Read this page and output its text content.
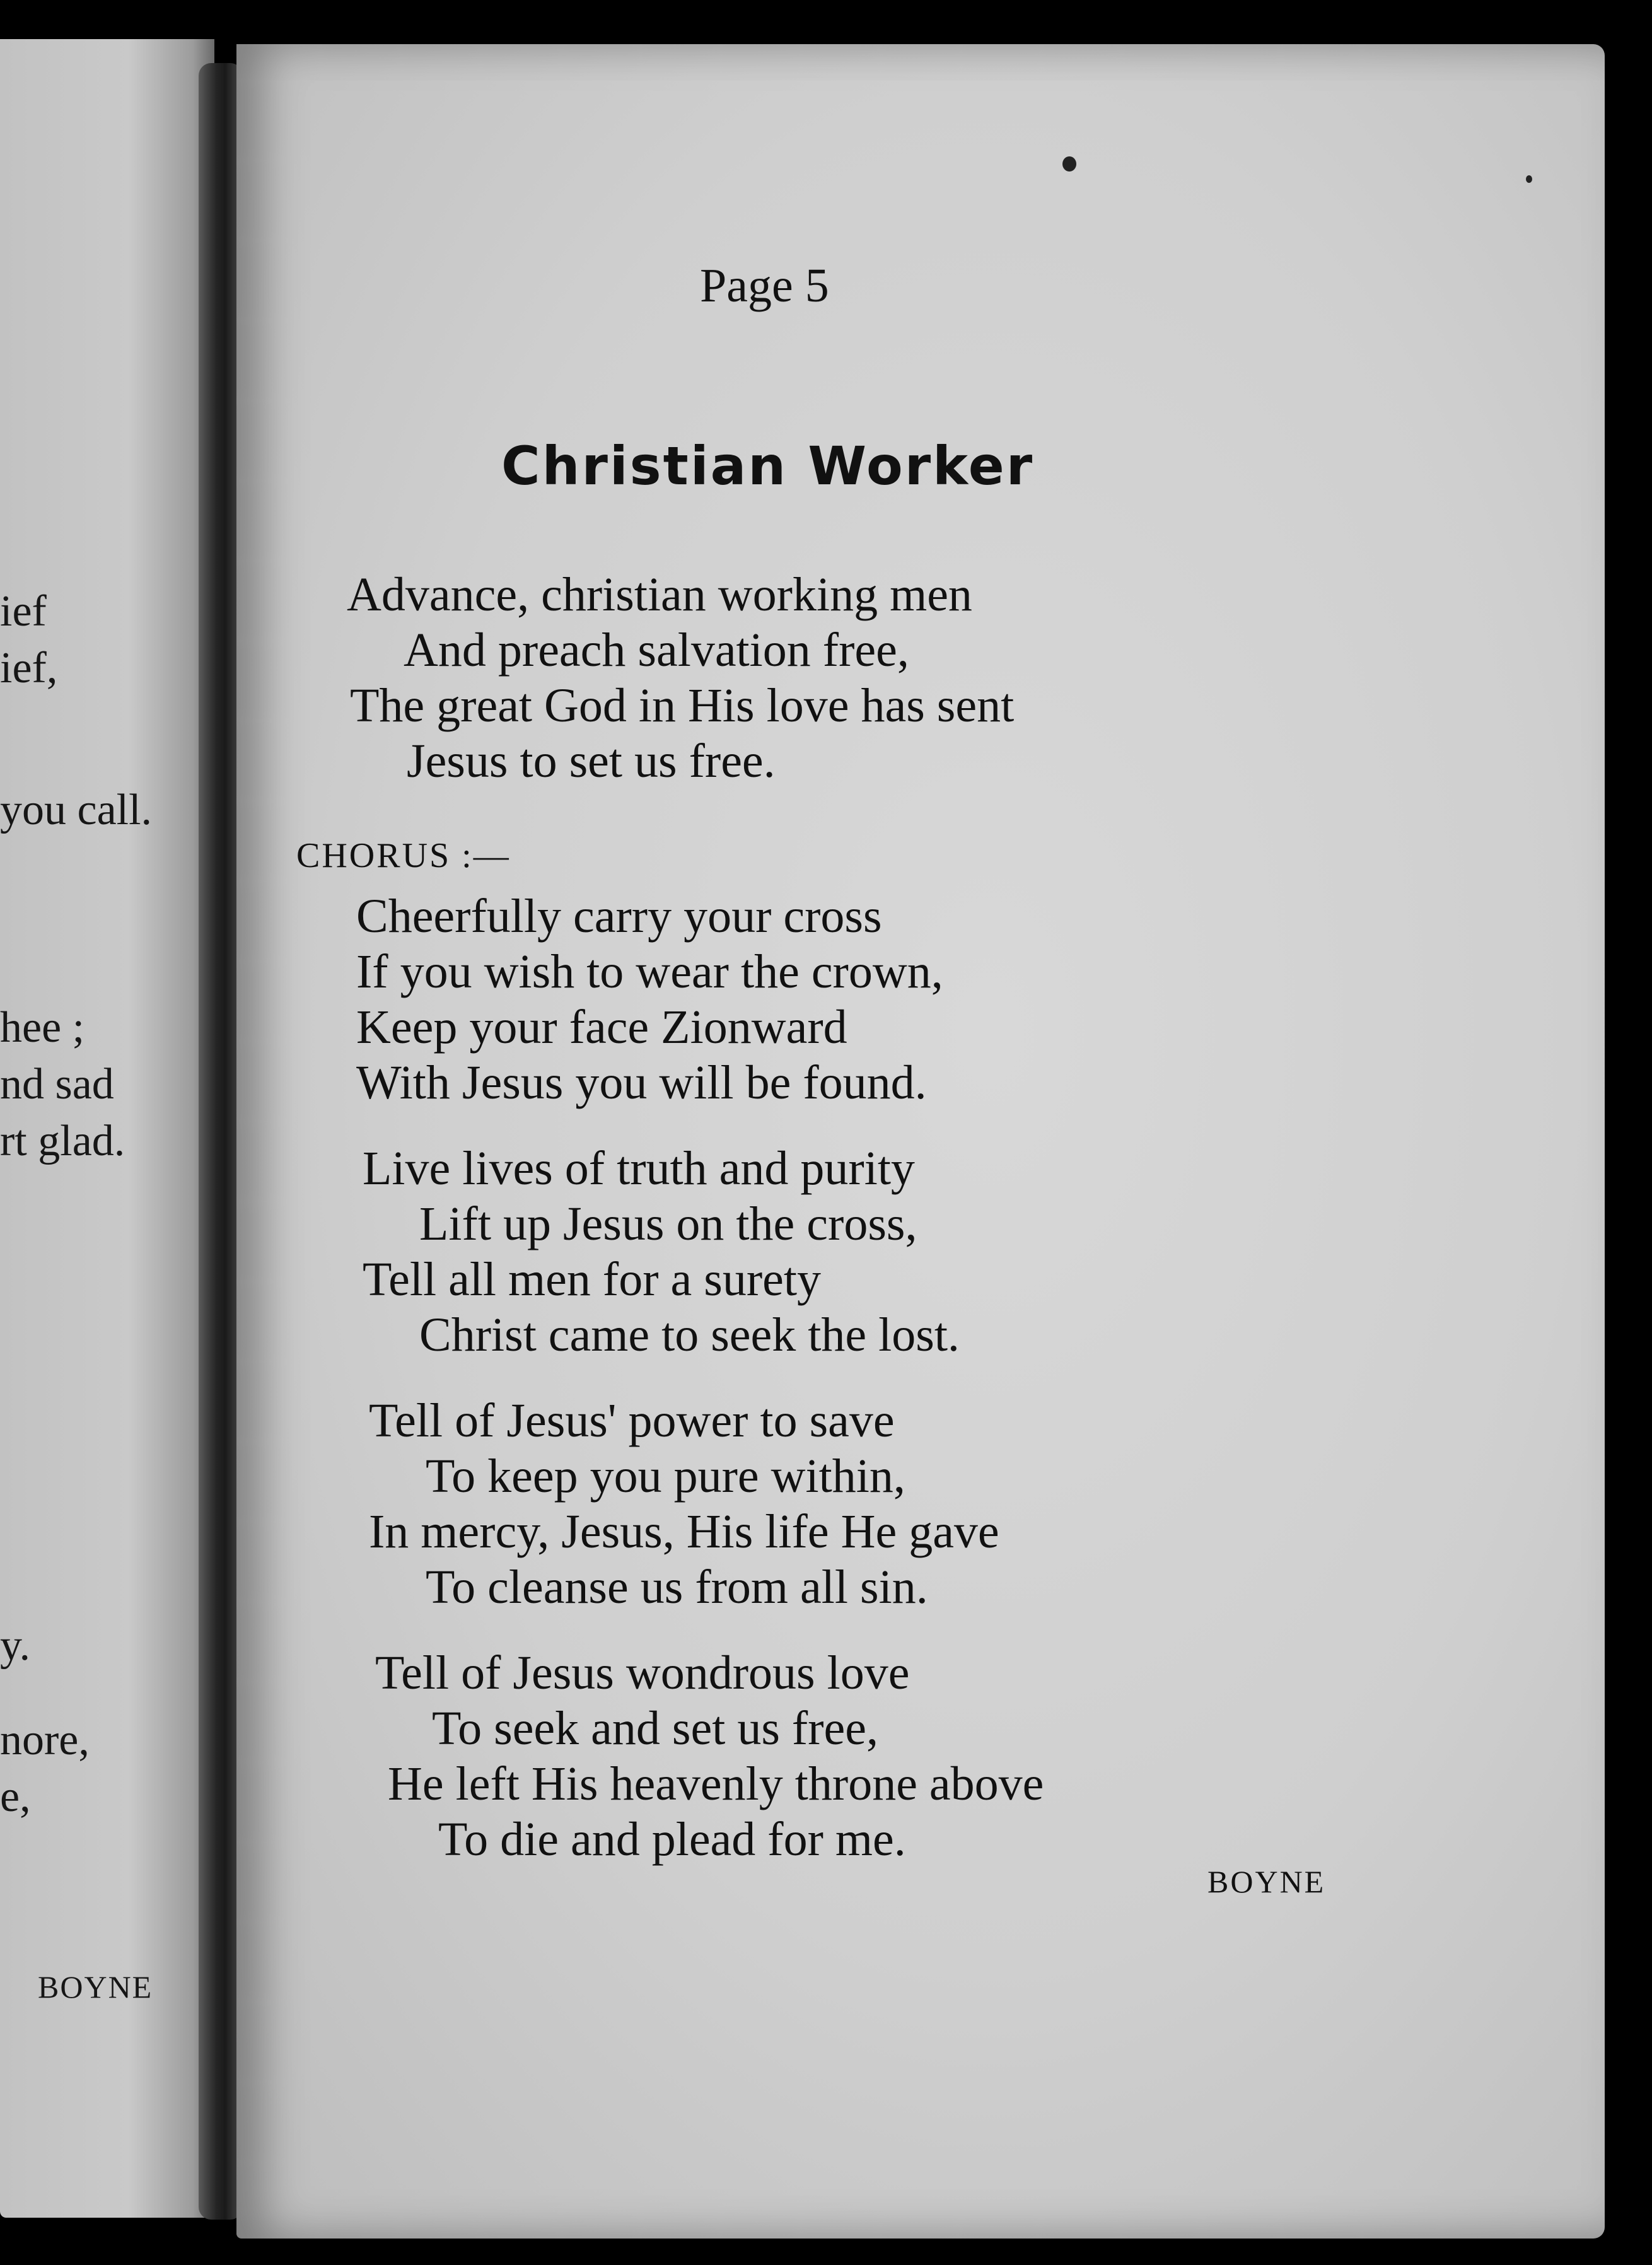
ief
ief,
you call.
hee ;
nd sad
rt glad.
y.
nore,
e,
BOYNE
Page 5
Christian Worker
Advance, christian working men
And preach salvation free,
The great God in His love has sent
Jesus to set us free.
CHORUS :—
Cheerfully carry your cross
If you wish to wear the crown,
Keep your face Zionward
With Jesus you will be found.
Live lives of truth and purity
Lift up Jesus on the cross,
Tell all men for a surety
Christ came to seek the lost.
Tell of Jesus' power to save
To keep you pure within,
In mercy, Jesus, His life He gave
To cleanse us from all sin.
Tell of Jesus wondrous love
To seek and set us free,
He left His heavenly throne above
To die and plead for me.
BOYNE
